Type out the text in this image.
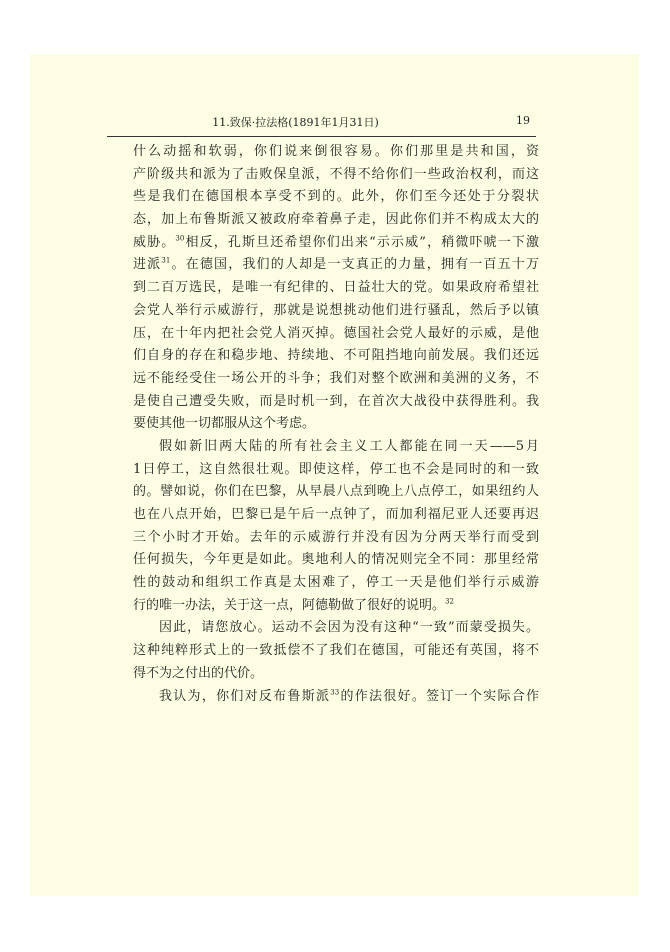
11.致保·拉法格(1891年1月31日)	19
什么动摇和软弱，你们说来倒很容易。你们那里是共和国，资
产阶级共和派为了击败保皇派，不得不给你们一些政治权利，而这
些是我们在德国根本享受不到的。此外，你们至今还处于分裂状
态，加上布鲁斯派又被政府牵着鼻子走，因此你们并不构成太大的
威胁。$^{30}$相反，孔斯旦还希望你们出来“示示威”，稍微吓唬一下激
进派$^{31}$。在德国，我们的人却是一支真正的力量，拥有一百五十万
到二百万选民，是唯一有纪律的、日益壮大的党。如果政府希望社
会党人举行示威游行，那就是说想挑动他们进行骚乱，然后予以镇
压，在十年内把社会党人消灭掉。德国社会党人最好的示威，是他
们自身的存在和稳步地、持续地、不可阻挡地向前发展。我们还远
远不能经受住一场公开的斗争；我们对整个欧洲和美洲的义务，不
是使自己遭受失败，而是时机一到，在首次大战役中获得胜利。我
要使其他一切都服从这个考虑。
假如新旧两大陆的所有社会主义工人都能在同一天——5月
1日停工，这自然很壮观。即使这样，停工也不会是同时的和一致
的。譬如说，你们在巴黎，从早晨八点到晚上八点停工，如果纽约人
也在八点开始，巴黎已是午后一点钟了，而加利福尼亚人还要再迟
三个小时才开始。去年的示威游行并没有因为分两天举行而受到
任何损失，今年更是如此。奥地利人的情况则完全不同：那里经常
性的鼓动和组织工作真是太困难了，停工一天是他们举行示威游
行的唯一办法，关于这一点，阿德勒做了很好的说明。$^{32}$
因此，请您放心。运动不会因为没有这种“一致”而蒙受损失。
这种纯粹形式上的一致抵偿不了我们在德国，可能还有英国，将不
得不为之付出的代价。
我认为，你们对反布鲁斯派$^{33}$的作法很好。签订一个实际合作
